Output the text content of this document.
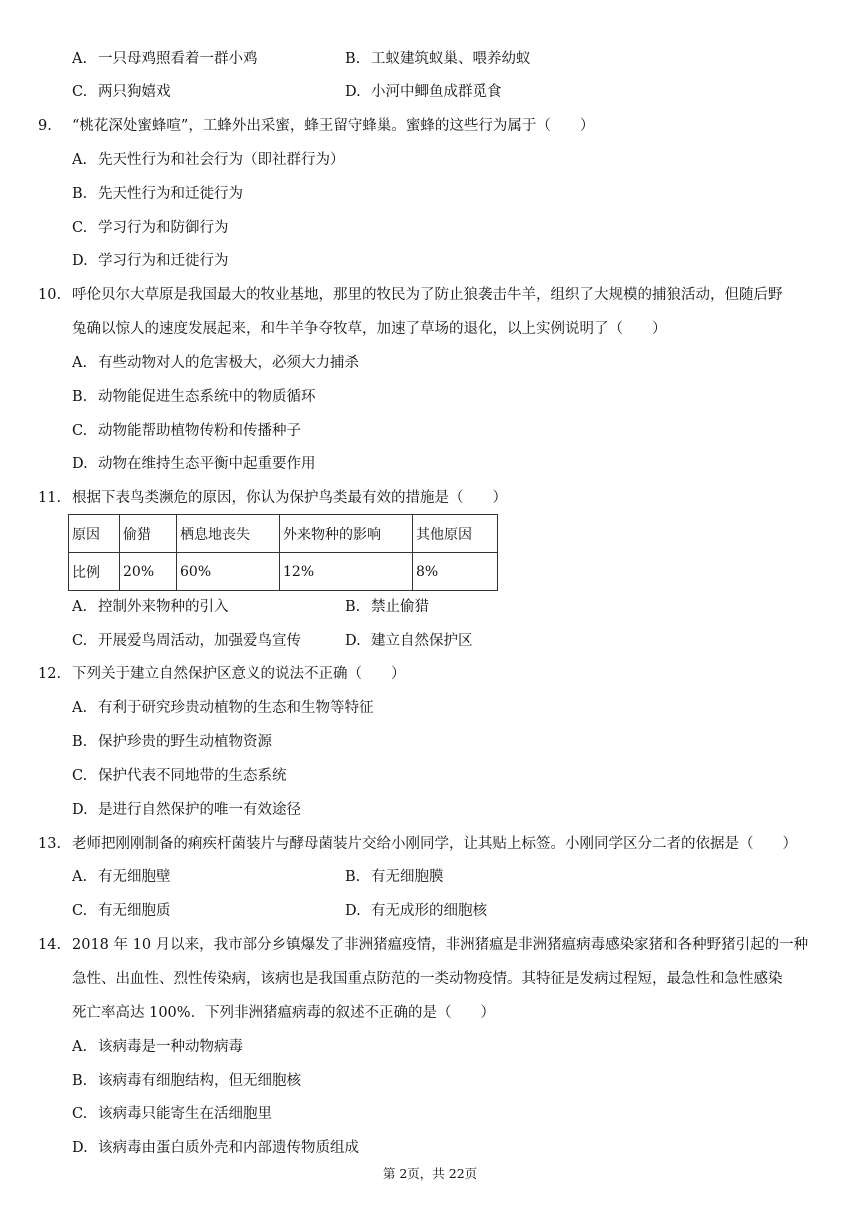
A. 一只母鸡照看着一群小鸡	B. 工蚁建筑蚁巢、喂养幼蚁
C. 两只狗嬉戏	D. 小河中鲫鱼成群觅食
9. “桃花深处蜜蜂喧”，工蜂外出采蜜，蜂王留守蜂巢。蜜蜂的这些行为属于（　　）
A. 先天性行为和社会行为（即社群行为）
B. 先天性行为和迁徙行为
C. 学习行为和防御行为
D. 学习行为和迁徙行为
10. 呼伦贝尔大草原是我国最大的牧业基地，那里的牧民为了防止狼袭击牛羊，组织了大规模的捕狼活动，但随后野
兔确以惊人的速度发展起来，和牛羊争夺牧草，加速了草场的退化，以上实例说明了（　　）
A. 有些动物对人的危害极大，必须大力捕杀
B. 动物能促进生态系统中的物质循环
C. 动物能帮助植物传粉和传播种子
D. 动物在维持生态平衡中起重要作用
11. 根据下表鸟类濒危的原因，你认为保护鸟类最有效的措施是（　　）
原因	偷猎	栖息地丧失	外来物种的影响	其他原因
比例	20%	60%	12%	8%
A. 控制外来物种的引入	B. 禁止偷猎
C. 开展爱鸟周活动，加强爱鸟宣传	D. 建立自然保护区
12. 下列关于建立自然保护区意义的说法不正确（　　）
A. 有利于研究珍贵动植物的生态和生物等特征
B. 保护珍贵的野生动植物资源
C. 保护代表不同地带的生态系统
D. 是进行自然保护的唯一有效途径
13. 老师把刚刚制备的痢疾杆菌装片与酵母菌装片交给小刚同学，让其贴上标签。小刚同学区分二者的依据是（　　）
A. 有无细胞壁	B. 有无细胞膜
C. 有无细胞质	D. 有无成形的细胞核
14. 2018 年 10 月以来，我市部分乡镇爆发了非洲猪瘟疫情，非洲猪瘟是非洲猪瘟病毒感染家猪和各种野猪引起的一种
急性、出血性、烈性传染病，该病也是我国重点防范的一类动物疫情。其特征是发病过程短，最急性和急性感染
死亡率高达 100%．下列非洲猪瘟病毒的叙述不正确的是（　　）
A. 该病毒是一种动物病毒
B. 该病毒有细胞结构，但无细胞核
C. 该病毒只能寄生在活细胞里
D. 该病毒由蛋白质外壳和内部遗传物质组成
第 2页，共 22页
